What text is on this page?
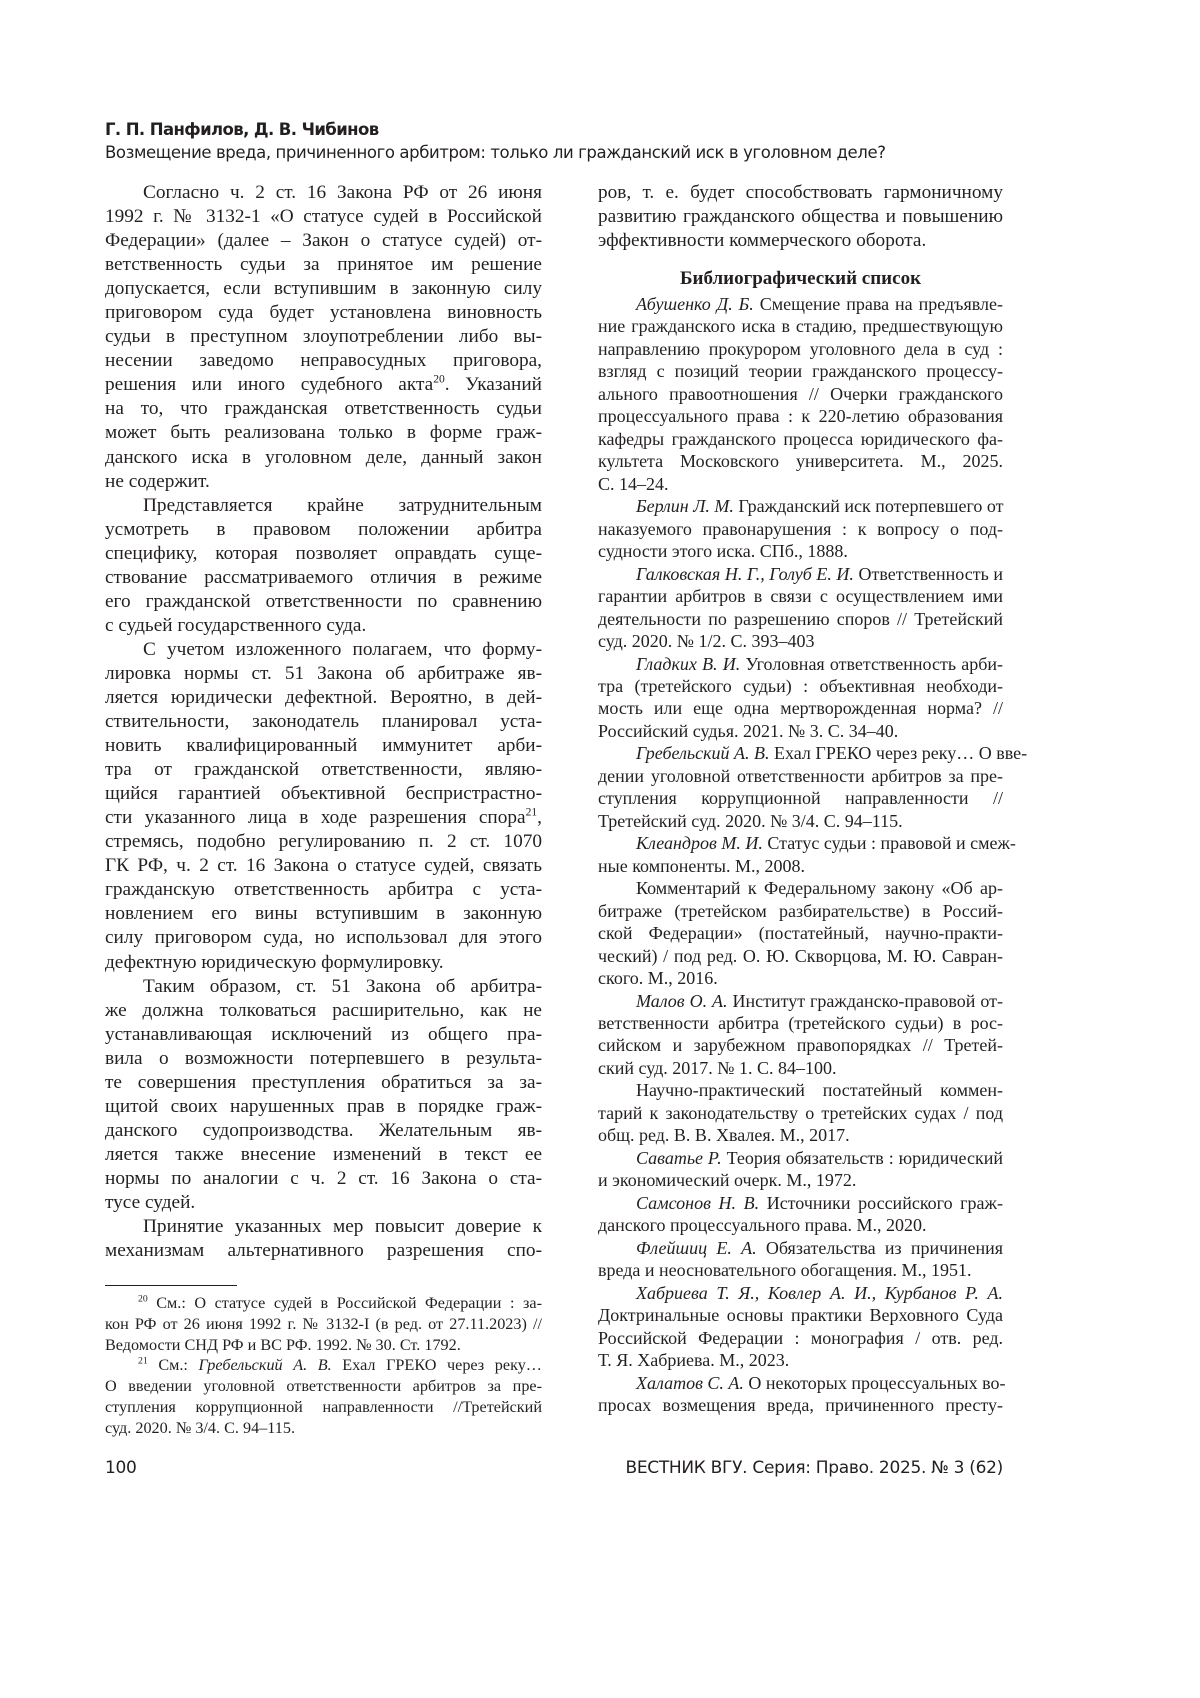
Г. П. Панфилов, Д. В. Чибинов
Возмещение вреда, причиненного арбитром: только ли гражданский иск в уголовном деле?
Согласно ч. 2 ст. 16 Закона РФ от 26 июня
1992 г. № 3132-1 «О статусе судей в Российской
Федерации» (далее – Закон о статусе судей) от-
ветственность судьи за принятое им решение
допускается, если вступившим в законную силу
приговором суда будет установлена виновность
судьи в преступном злоупотреблении либо вы-
несении заведомо неправосудных приговора,
решения или иного судебного акта20. Указаний
на то, что гражданская ответственность судьи
может быть реализована только в форме граж-
данского иска в уголовном деле, данный закон
не содержит.
Представляется крайне затруднительным
усмотреть в правовом положении арбитра
специфику, которая позволяет оправдать суще-
ствование рассматриваемого отличия в режиме
его гражданской ответственности по сравнению
с судьей государственного суда.
С учетом изложенного полагаем, что форму-
лировка нормы ст. 51 Закона об арбитраже яв-
ляется юридически дефектной. Вероятно, в дей-
ствительности, законодатель планировал уста-
новить квалифицированный иммунитет арби-
тра от гражданской ответственности, являю-
щийся гарантией объективной беспристрастно-
сти указанного лица в ходе разрешения спора21,
стремясь, подобно регулированию п. 2 ст. 1070
ГК РФ, ч. 2 ст. 16 Закона о статусе судей, связать
гражданскую ответственность арбитра с уста-
новлением его вины вступившим в законную
силу приговором суда, но использовал для этого
дефектную юридическую формулировку.
Таким образом, ст. 51 Закона об арбитра-
же должна толковаться расширительно, как не
устанавливающая исключений из общего пра-
вила о возможности потерпевшего в результа-
те совершения преступления обратиться за за-
щитой своих нарушенных прав в порядке граж-
данского судопроизводства. Желательным яв-
ляется также внесение изменений в текст ее
нормы по аналогии с ч. 2 ст. 16 Закона о ста-
тусе судей.
Принятие указанных мер повысит доверие к
механизмам альтернативного разрешения спо-
ров, т. е. будет способствовать гармоничному
развитию гражданского общества и повышению
эффективности коммерческого оборота.
Библиографический список
Абушенко Д. Б. Смещение права на предъявле-
ние гражданского иска в стадию, предшествующую
направлению прокурором уголовного дела в суд :
взгляд с позиций теории гражданского процессу-
ального правоотношения // Очерки гражданского
процессуального права : к 220-летию образования
кафедры гражданского процесса юридического фа-
культета Московского университета. М., 2025.
С. 14–24.
Берлин Л. М. Гражданский иск потерпевшего от
наказуемого правонарушения : к вопросу о под-
судности этого иска. СПб., 1888.
Галковская Н. Г., Голуб Е. И. Ответственность и
гарантии арбитров в связи с осуществлением ими
деятельности по разрешению споров // Третейский
суд. 2020. № 1/2. С. 393–403
Гладких В. И. Уголовная ответственность арби-
тра (третейского судьи) : объективная необходи-
мость или еще одна мертворожденная норма? //
Российский судья. 2021. № 3. С. 34–40.
Гребельский А. В. Ехал ГРЕКО через реку… О вве-
дении уголовной ответственности арбитров за пре-
ступления коррупционной направленности //
Третейский суд. 2020. № 3/4. С. 94–115.
Клеандров М. И. Статус судьи : правовой и смеж-
ные компоненты. М., 2008.
Комментарий к Федеральному закону «Об ар-
битраже (третейском разбирательстве) в Россий-
ской Федерации» (постатейный, научно-практи-
ческий) / под ред. О. Ю. Скворцова, М. Ю. Савран-
ского. М., 2016.
Малов О. А. Институт гражданско-правовой от-
ветственности арбитра (третейского судьи) в рос-
сийском и зарубежном правопорядках // Третей-
ский суд. 2017. № 1. С. 84–100.
Научно-практический постатейный коммен-
тарий к законодательству о третейских судах / под
общ. ред. В. В. Хвалея. М., 2017.
Саватье Р. Теория обязательств : юридический
и экономический очерк. М., 1972.
Самсонов Н. В. Источники российского граж-
данского процессуального права. М., 2020.
Флейшиц Е. А. Обязательства из причинения
вреда и неосновательного обогащения. М., 1951.
Хабриева Т. Я., Ковлер А. И., Курбанов Р. А.
Доктринальные основы практики Верховного Суда
Российской Федерации : монография / отв. ред.
Т. Я. Хабриева. М., 2023.
Халатов С. А. О некоторых процессуальных во-
просах возмещения вреда, причиненного престу-
20 См.: О статусе судей в Российской Федерации : за-
кон РФ от 26 июня 1992 г. № 3132-I (в ред. от 27.11.2023) //
Ведомости СНД РФ и ВС РФ. 1992. № 30. Ст. 1792.
21 См.: Гребельский А. В. Ехал ГРЕКО через реку…
О введении уголовной ответственности арбитров за пре-
ступления коррупционной направленности //Третейский
суд. 2020. № 3/4. С. 94–115.
100	ВЕСТНИК ВГУ. Серия: Право. 2025. № 3 (62)
